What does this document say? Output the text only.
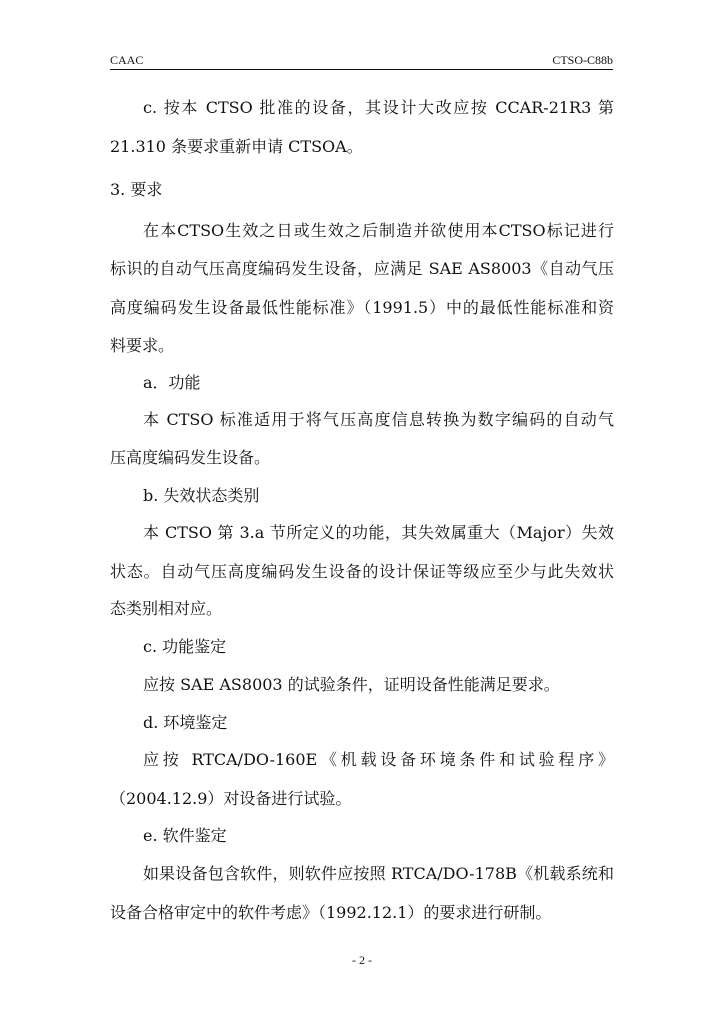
CAAC	CTSO-C88b
c. 按本 CTSO 批准的设备，其设计大改应按 CCAR-21R3 第
21.310 条要求重新申请 CTSOA。
3. 要求
在本CTSO生效之日或生效之后制造并欲使用本CTSO标记进行
标识的自动气压高度编码发生设备，应满足 SAE AS8003《自动气压
高度编码发生设备最低性能标准》（1991.5）中的最低性能标准和资
料要求。
a．功能
本 CTSO 标准适用于将气压高度信息转换为数字编码的自动气
压高度编码发生设备。
b. 失效状态类别
本 CTSO 第 3.a 节所定义的功能，其失效属重大（Major）失效
状态。自动气压高度编码发生设备的设计保证等级应至少与此失效状
态类别相对应。
c. 功能鉴定
应按 SAE AS8003 的试验条件，证明设备性能满足要求。
d. 环境鉴定
应按 RTCA/DO-160E《机载设备环境条件和试验程序》
（2004.12.9）对设备进行试验。
e. 软件鉴定
如果设备包含软件，则软件应按照 RTCA/DO-178B《机载系统和
设备合格审定中的软件考虑》（1992.12.1）的要求进行研制。
- 2 -
